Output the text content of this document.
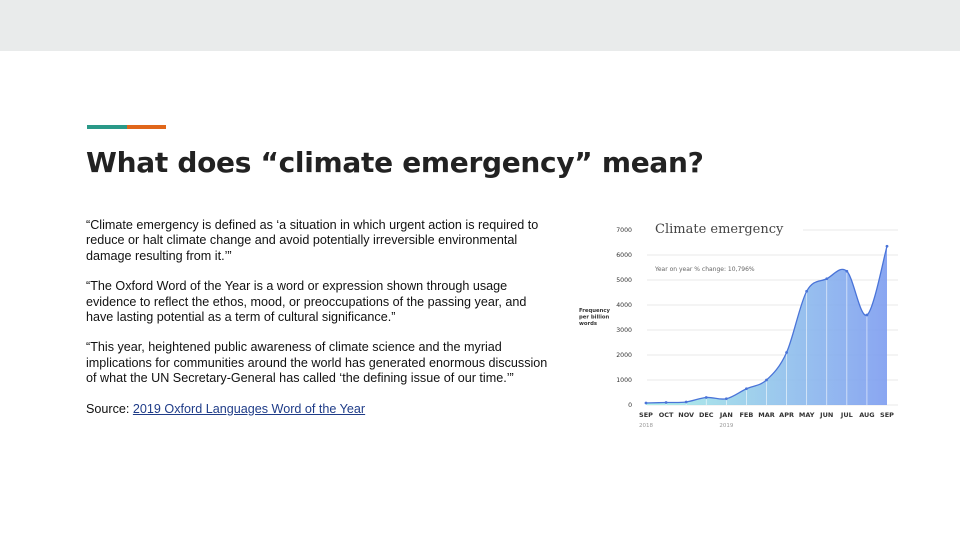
What does “climate emergency” mean?

“Climate emergency is defined as ‘a situation in which urgent action is required to reduce or halt climate change and avoid potentially irreversible environmental damage resulting from it.’”

“The Oxford Word of the Year is a word or expression shown through usage evidence to reflect the ethos, mood, or preoccupations of the passing year, and have lasting potential as a term of cultural significance.”

“This year, heightened public awareness of climate science and the myriad implications for communities around the world has generated enormous discussion of what the UN Secretary-General has called ‘the defining issue of our time.’”

Source: 2019 Oxford Languages Word of the Year	0
1000
2000
3000
4000
5000
6000
7000
SEP OCT NOV DEC JAN FEB MAR APR MAY JUN JUL AUG SEP
2018	2019
Climate emergency
Year on year % change: 10,796%
Frequency
per billion
words
